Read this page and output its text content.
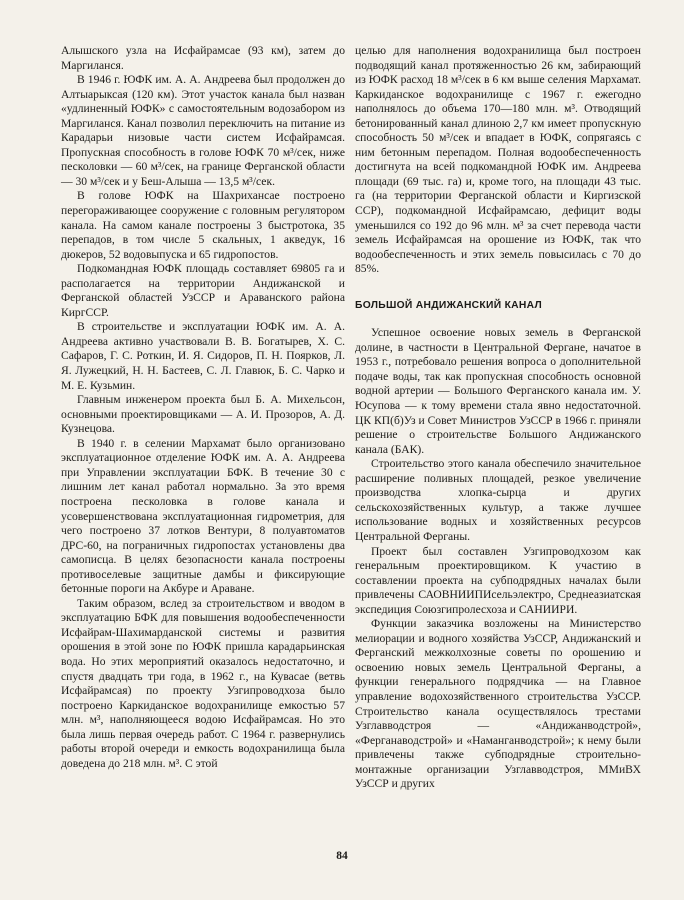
Алышского узла на Исфайрамсае (93 км), затем до Маргиланся.

В 1946 г. ЮФК им. А. А. Андреева был продолжен до Алтыарыксая (120 км). Этот участок канала был назван «удлиненный ЮФК» с самостоятельным водозабором из Маргиланся. Канал позволил переключить на питание из Карадарьи низовые части систем Исфайрамсая. Пропускная способность в голове ЮФК 70 м³/сек, ниже песколовки — 60 м³/сек, на границе Ферганской области — 30 м³/сек и у Беш-Алыша — 13,5 м³/сек.

В голове ЮФК на Шахрихансае построено перегораживающее сооружение с головным регулятором канала. На самом канале построены 3 быстротока, 35 перепадов, в том числе 5 скальных, 1 акведук, 16 дюкеров, 52 водовыпуска и 65 гидропостов.

Подкомандная ЮФК площадь составляет 69805 га и располагается на территории Андижанской и Ферганской областей УзССР и Араванского района КиргССР.

В строительстве и эксплуатации ЮФК им. А. А. Андреева активно участвовали В. В. Богатырев, Х. С. Сафаров, Г. С. Роткин, И. Я. Сидоров, П. Н. Поярков, Л. Я. Лужецкий, Н. Н. Бастеев, С. Л. Главюк, Б. С. Чарко и М. Е. Кузьмин.

Главным инженером проекта был Б. А. Михельсон, основными проектировщиками — А. И. Прозоров, А. Д. Кузнецова.

В 1940 г. в селении Мархамат было организовано эксплуатационное отделение ЮФК им. А. А. Андреева при Управлении эксплуатации БФК. В течение 30 с лишним лет канал работал нормально. За это время построена песколовка в голове канала и усовершенствована эксплуатационная гидрометрия, для чего построено 37 лотков Вентури, 8 полуавтоматов ДРС-60, на пограничных гидропостах установлены два самописца. В целях безопасности канала построены противоселевые защитные дамбы и фиксирующие бетонные пороги на Акбуре и Араване.

Таким образом, вслед за строительством и вводом в эксплуатацию БФК для повышения водообеспеченности Исфайрам-Шахимарданской системы и развития орошения в этой зоне по ЮФК пришла карадарьинская вода. Но этих мероприятий оказалось недостаточно, и спустя двадцать три года, в 1962 г., на Кувасае (ветвь Исфайрамсая) по проекту Узгипроводхоза было построено Каркиданское водохранилище емкостью 57 млн. м³, наполняющееся водою Исфайрамсая. Но это была лишь первая очередь работ. С 1964 г. развернулись работы второй очереди и емкость водохранилища была доведена до 218 млн. м³. С этой

целью для наполнения водохранилища был построен подводящий канал протяженностью 26 км, забирающий из ЮФК расход 18 м³/сек в 6 км выше селения Мархамат. Каркиданское водохранилище с 1967 г. ежегодно наполнялось до объема 170—180 млн. м³. Отводящий бетонированный канал длиною 2,7 км имеет пропускную способность 50 м³/сек и впадает в ЮФК, сопрягаясь с ним бетонным перепадом. Полная водообеспеченность достигнута на всей подкомандной ЮФК им. Андреева площади (69 тыс. га) и, кроме того, на площади 43 тыс. га (на территории Ферганской области и Киргизской ССР), подкомандной Исфайрамсаю, дефицит воды уменьшился со 192 до 96 млн. м³ за счет перевода части земель Исфайрамсая на орошение из ЮФК, так что водообеспеченность и этих земель повысилась с 70 до 85%.

БОЛЬШОЙ АНДИЖАНСКИЙ КАНАЛ

Успешное освоение новых земель в Ферганской долине, в частности в Центральной Фергане, начатое в 1953 г., потребовало решения вопроса о дополнительной подаче воды, так как пропускная способность основной водной артерии — Большого Ферганского канала им. У. Юсупова — к тому времени стала явно недостаточной. ЦК КП(б)Уз и Совет Министров УзССР в 1966 г. приняли решение о строительстве Большого Андижанского канала (БАК).

Строительство этого канала обеспечило значительное расширение поливных площадей, резкое увеличение производства хлопка-сырца и других сельскохозяйственных культур, а также лучшее использование водных и хозяйственных ресурсов Центральной Ферганы.

Проект был составлен Узгипроводхозом как генеральным проектировщиком. К участию в составлении проекта на субподрядных началах были привлечены САОВНИИПИсельэлектро, Среднеазиатская экспедиция Союзгипролесхоза и САНИИРИ.

Функции заказчика возложены на Министерство мелиорации и водного хозяйства УзССР, Андижанский и Ферганский межколхозные советы по орошению и освоению новых земель Центральной Ферганы, а функции генерального подрядчика — на Главное управление водохозяйственного строительства УзССР. Строительство канала осуществлялось трестами Узглавводстроя — «Андижанводстрой», «Ферганаводстрой» и «Наманганводстрой»; к нему были привлечены также субподрядные строительно-монтажные организации Узглавводстроя, ММиВХ УзССР и других

84
